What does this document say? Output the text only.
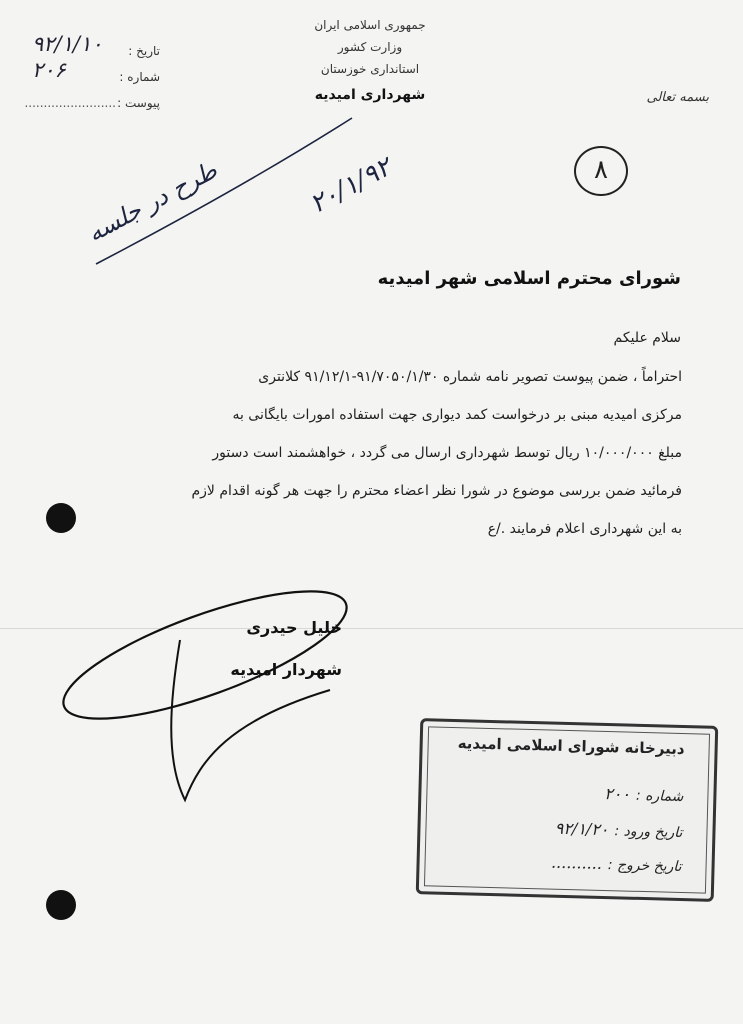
جمهوری اسلامی ایران
وزارت کشور
استانداری خوزستان
شهرداری امیدیه
تاریخ :
۹۲/۱/۱۰
شماره :
۲۰۶
پیوست :
........................	بسمه تعالی
۸
۲۰/۱/۹۲
طرح در جلسه
شورای محترم اسلامی شهر امیدیه
سلام علیکم

احتراماً ، ضمن پیوست تصویر نامه شماره ۹۱/۷۰۵۰/۱/۳۰-۹۱/۱۲/۱ کلانتری

مرکزی امیدیه مبنی بر درخواست کمد دیواری جهت استفاده امورات بایگانی به

مبلغ ۱۰/۰۰۰/۰۰۰ ریال توسط شهرداری ارسال می گردد ، خواهشمند است دستور

فرمائید ضمن بررسی موضوع در شورا نظر اعضاء محترم را جهت هر گونه اقدام لازم

به این شهرداری اعلام فرمایند ./ع

خلیل حیدری
شهردار امیدیه
دبیرخانه شورای اسلامی امیدیه
شماره :۲۰۰
تاریخ ورود :۹۲/۱/۲۰
تاریخ خروج :..........
